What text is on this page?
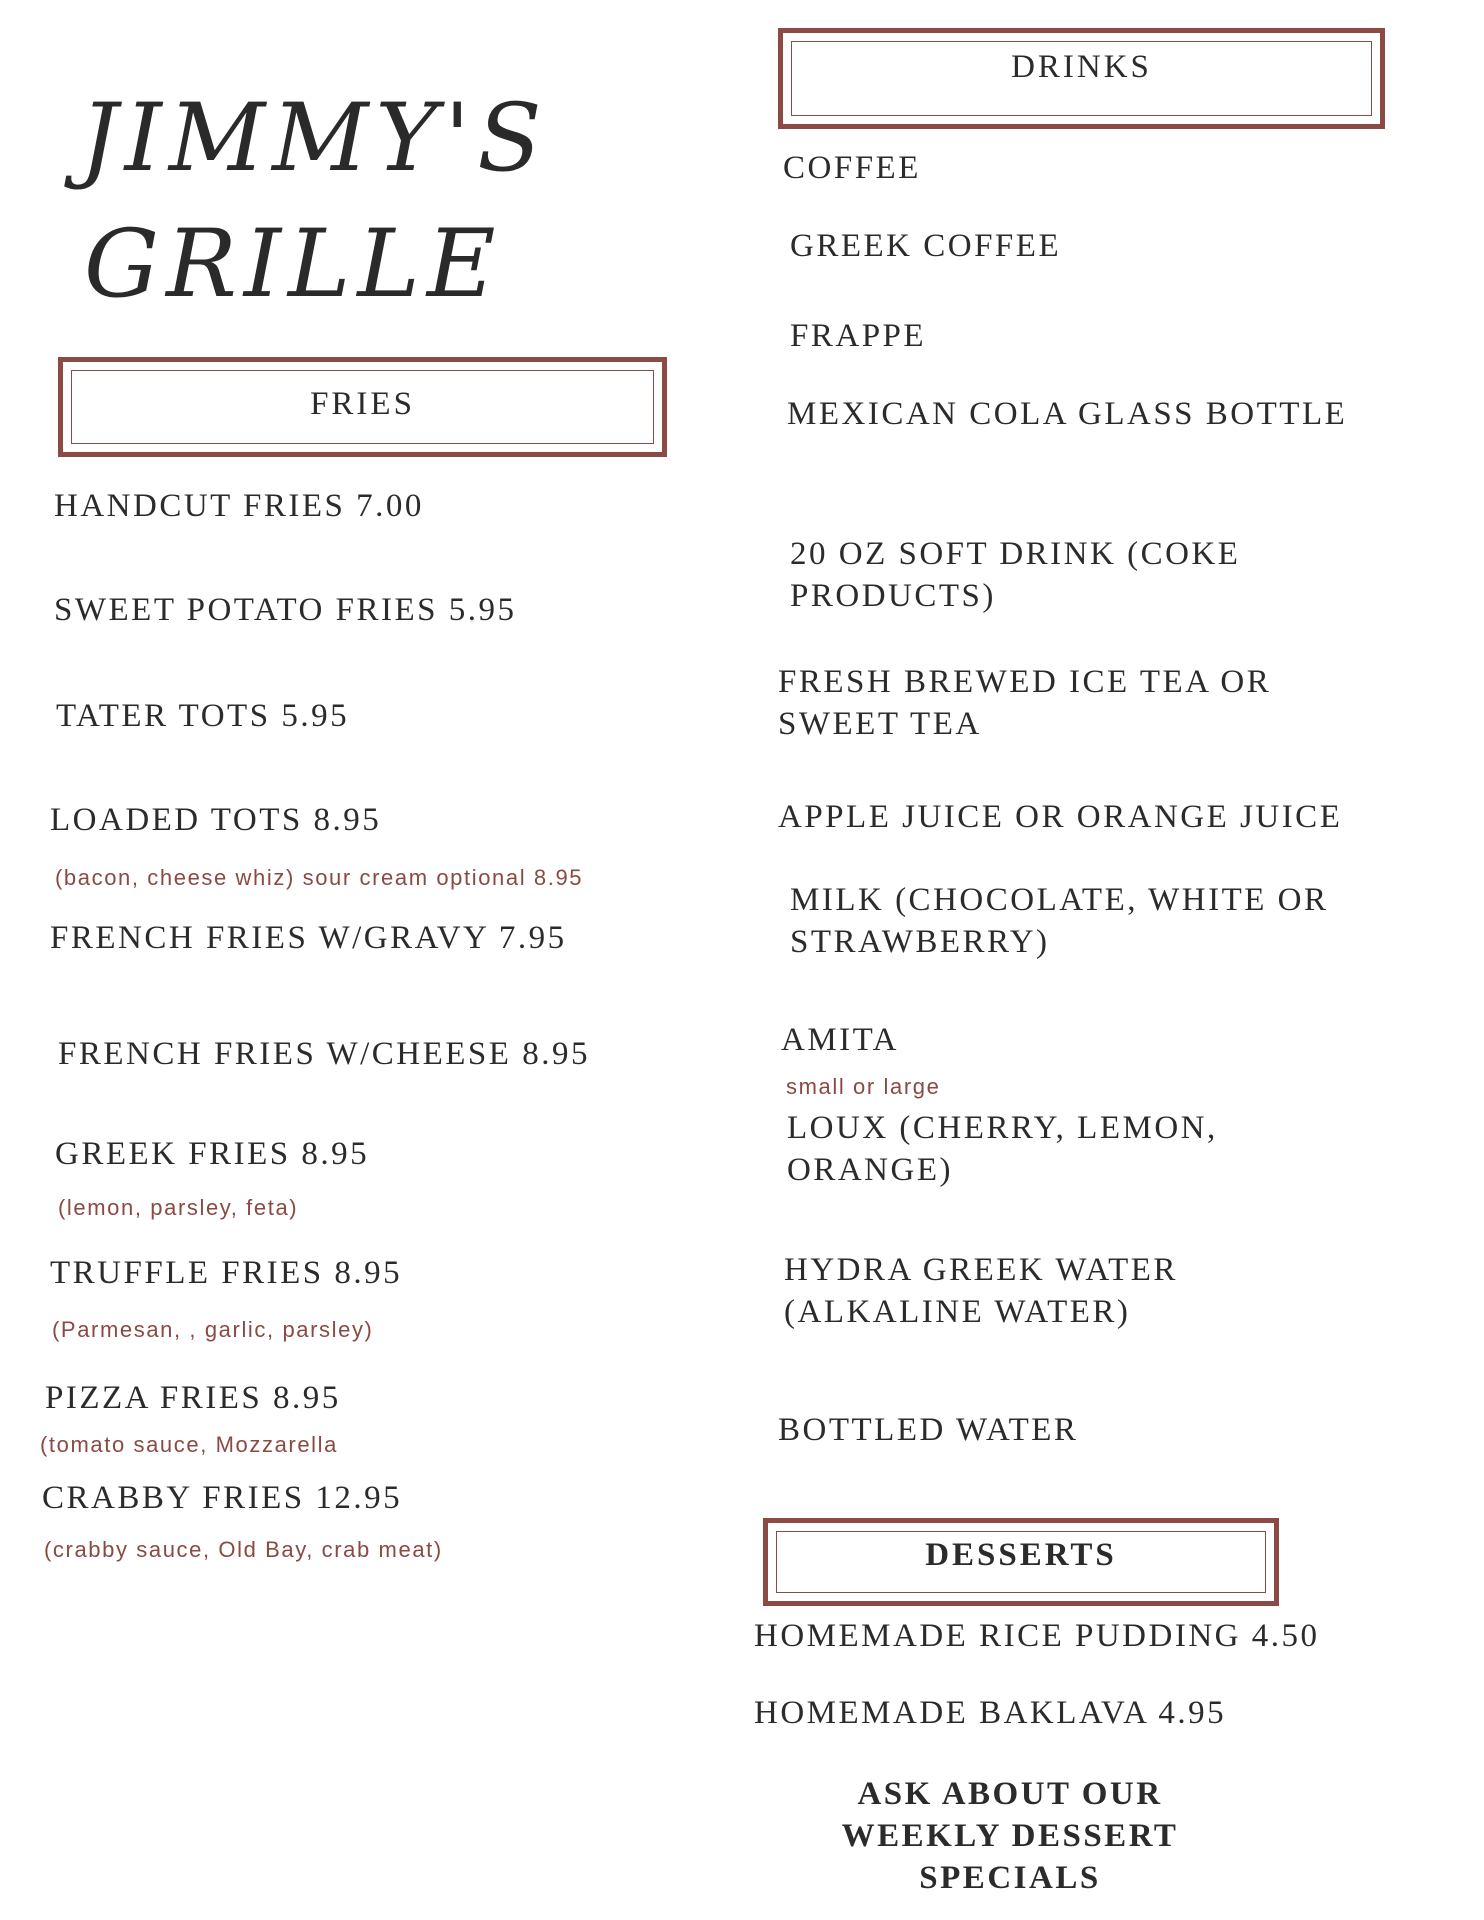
JIMMY'S
GRILLE
FRIES
HANDCUT FRIES 7.00
SWEET POTATO FRIES 5.95
TATER TOTS 5.95
LOADED TOTS 8.95
(bacon, cheese whiz) sour cream optional 8.95
FRENCH FRIES W/GRAVY 7.95
FRENCH FRIES W/CHEESE 8.95
GREEK FRIES 8.95
(lemon, parsley, feta)
TRUFFLE FRIES 8.95
(Parmesan, , garlic, parsley)
PIZZA FRIES 8.95
(tomato sauce, Mozzarella
CRABBY FRIES 12.95
(crabby sauce, Old Bay, crab meat)
DRINKS
COFFEE
GREEK COFFEE
FRAPPE
MEXICAN COLA GLASS BOTTLE
20 OZ SOFT DRINK (COKE PRODUCTS)
FRESH BREWED ICE TEA OR SWEET TEA
APPLE JUICE OR ORANGE JUICE
MILK (CHOCOLATE, WHITE OR STRAWBERRY)
AMITA
small or large
LOUX (CHERRY, LEMON, ORANGE)
HYDRA GREEK WATER (ALKALINE WATER)
BOTTLED WATER
DESSERTS
HOMEMADE RICE PUDDING 4.50
HOMEMADE BAKLAVA 4.95
ASK ABOUT OUR WEEKLY DESSERT SPECIALS
